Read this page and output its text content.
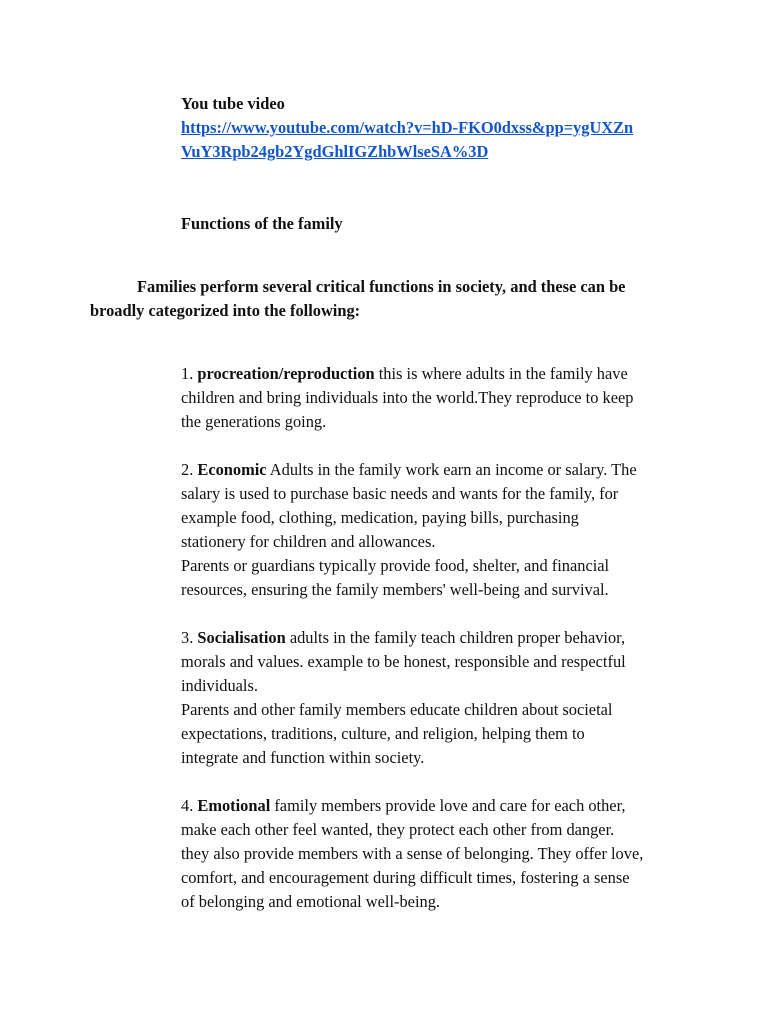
You tube video
https://www.youtube.com/watch?v=hD-FKO0dxss&pp=ygUXZn
VuY3Rpb24gb2YgdGhlIGZhbWlseSA%3D
Functions of the family
Families perform several critical functions in society, and these can be
broadly categorized into the following:
1. procreation/reproduction this is where adults in the family have
children and bring individuals into the world.They reproduce to keep
the generations going.
2. Economic Adults in the family work earn an income or salary. The
salary is used to purchase basic needs and wants for the family, for
example food, clothing, medication, paying bills, purchasing
stationery for children and allowances.
Parents or guardians typically provide food, shelter, and financial
resources, ensuring the family members' well-being and survival.
3. Socialisation adults in the family teach children proper behavior,
morals and values. example to be honest, responsible and respectful
individuals.
Parents and other family members educate children about societal
expectations, traditions, culture, and religion, helping them to
integrate and function within society.
4. Emotional family members provide love and care for each other,
make each other feel wanted, they protect each other from danger.
they also provide members with a sense of belonging. They offer love,
comfort, and encouragement during difficult times, fostering a sense
of belonging and emotional well-being.
